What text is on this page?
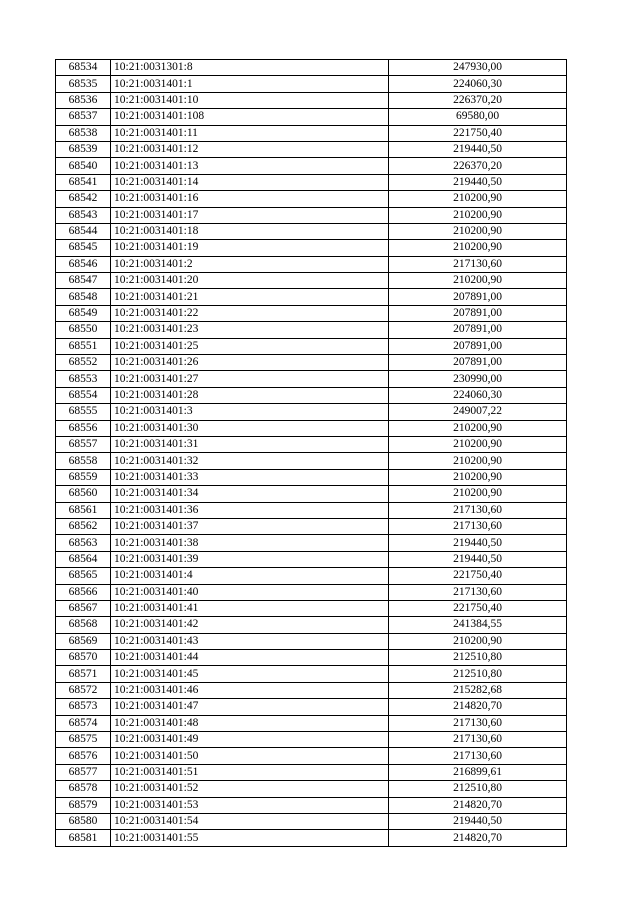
68534	10:21:0031301:8	247930,00
68535	10:21:0031401:1	224060,30
68536	10:21:0031401:10	226370,20
68537	10:21:0031401:108	69580,00
68538	10:21:0031401:11	221750,40
68539	10:21:0031401:12	219440,50
68540	10:21:0031401:13	226370,20
68541	10:21:0031401:14	219440,50
68542	10:21:0031401:16	210200,90
68543	10:21:0031401:17	210200,90
68544	10:21:0031401:18	210200,90
68545	10:21:0031401:19	210200,90
68546	10:21:0031401:2	217130,60
68547	10:21:0031401:20	210200,90
68548	10:21:0031401:21	207891,00
68549	10:21:0031401:22	207891,00
68550	10:21:0031401:23	207891,00
68551	10:21:0031401:25	207891,00
68552	10:21:0031401:26	207891,00
68553	10:21:0031401:27	230990,00
68554	10:21:0031401:28	224060,30
68555	10:21:0031401:3	249007,22
68556	10:21:0031401:30	210200,90
68557	10:21:0031401:31	210200,90
68558	10:21:0031401:32	210200,90
68559	10:21:0031401:33	210200,90
68560	10:21:0031401:34	210200,90
68561	10:21:0031401:36	217130,60
68562	10:21:0031401:37	217130,60
68563	10:21:0031401:38	219440,50
68564	10:21:0031401:39	219440,50
68565	10:21:0031401:4	221750,40
68566	10:21:0031401:40	217130,60
68567	10:21:0031401:41	221750,40
68568	10:21:0031401:42	241384,55
68569	10:21:0031401:43	210200,90
68570	10:21:0031401:44	212510,80
68571	10:21:0031401:45	212510,80
68572	10:21:0031401:46	215282,68
68573	10:21:0031401:47	214820,70
68574	10:21:0031401:48	217130,60
68575	10:21:0031401:49	217130,60
68576	10:21:0031401:50	217130,60
68577	10:21:0031401:51	216899,61
68578	10:21:0031401:52	212510,80
68579	10:21:0031401:53	214820,70
68580	10:21:0031401:54	219440,50
68581	10:21:0031401:55	214820,70
